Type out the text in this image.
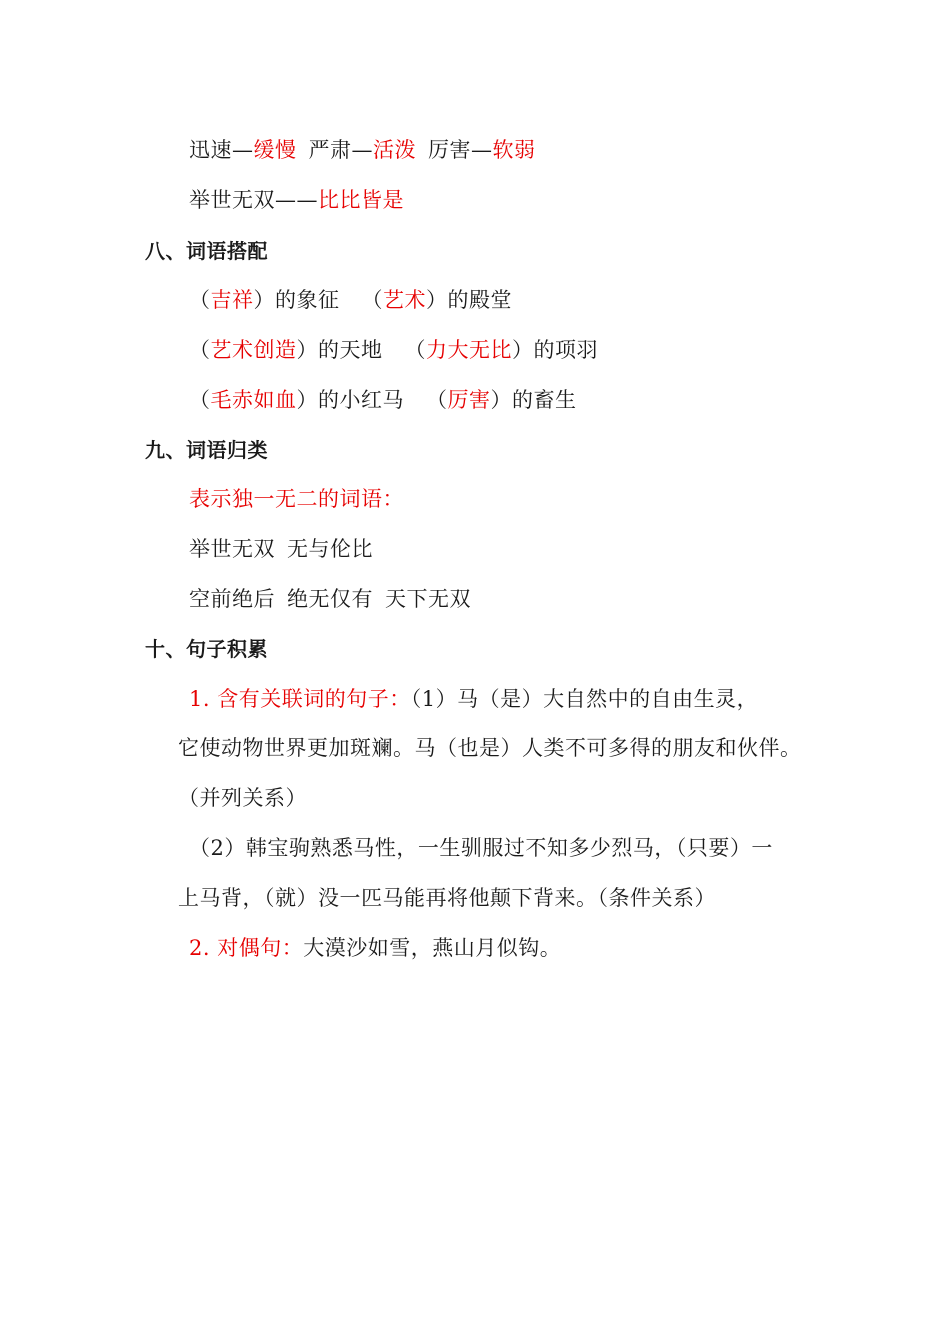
迅速—缓慢 严肃—活泼 厉害—软弱
举世无双——比比皆是
八、词语搭配
（吉祥）的象征 （艺术）的殿堂
（艺术创造）的天地 （力大无比）的项羽
（毛赤如血）的小红马 （厉害）的畜生
九、词语归类
表示独一无二的词语：
举世无双 无与伦比
空前绝后 绝无仅有 天下无双
十、句子积累
1. 含有关联词的句子：（1）马（是）大自然中的自由生灵，
它使动物世界更加斑斓。马（也是）人类不可多得的朋友和伙伴。
（并列关系）
（2）韩宝驹熟悉马性，一生驯服过不知多少烈马，（只要）一
上马背，（就）没一匹马能再将他颠下背来。（条件关系）
2. 对偶句：大漠沙如雪，燕山月似钩。
